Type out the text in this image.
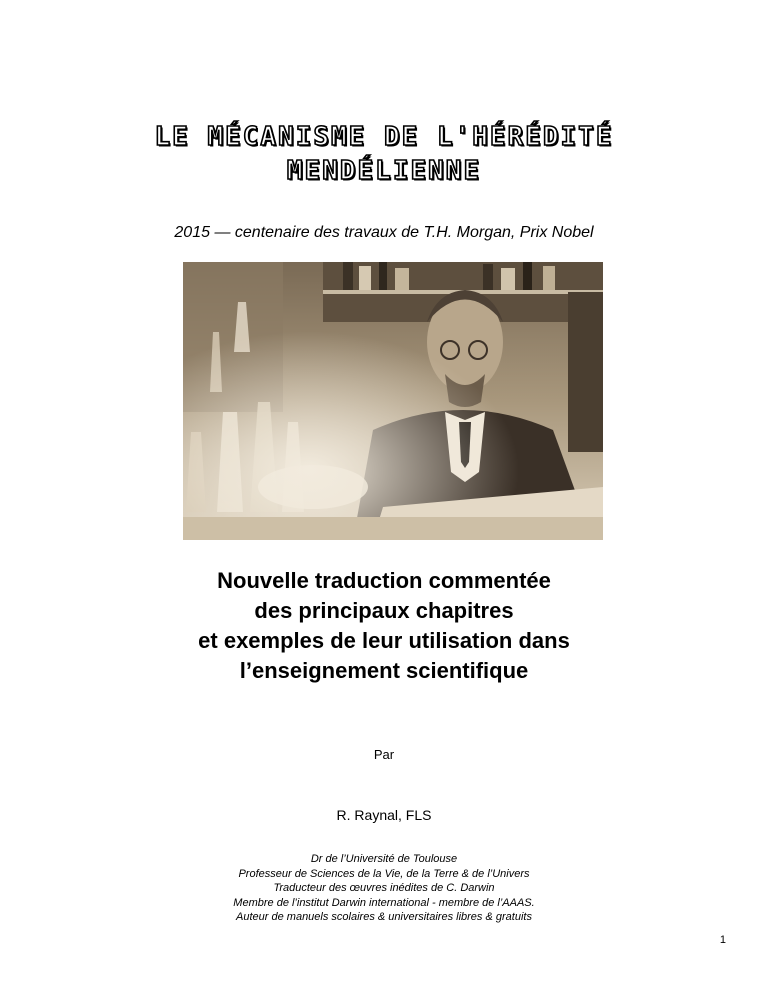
LE MÉCANISME DE L'HÉRÉDITÉ
MENDÉLIENNE
2015 — centenaire des travaux de T.H. Morgan, Prix Nobel
Nouvelle traduction commentée
des principaux chapitres
et exemples de leur utilisation dans
l’enseignement scientifique
Par
R. Raynal, FLS
Dr de l’Université de Toulouse
Professeur de Sciences de la Vie, de la Terre & de l’Univers
Traducteur des œuvres inédites de C. Darwin
Membre de l’institut Darwin international - membre de l’AAAS.
Auteur de manuels scolaires & universitaires libres & gratuits
1
